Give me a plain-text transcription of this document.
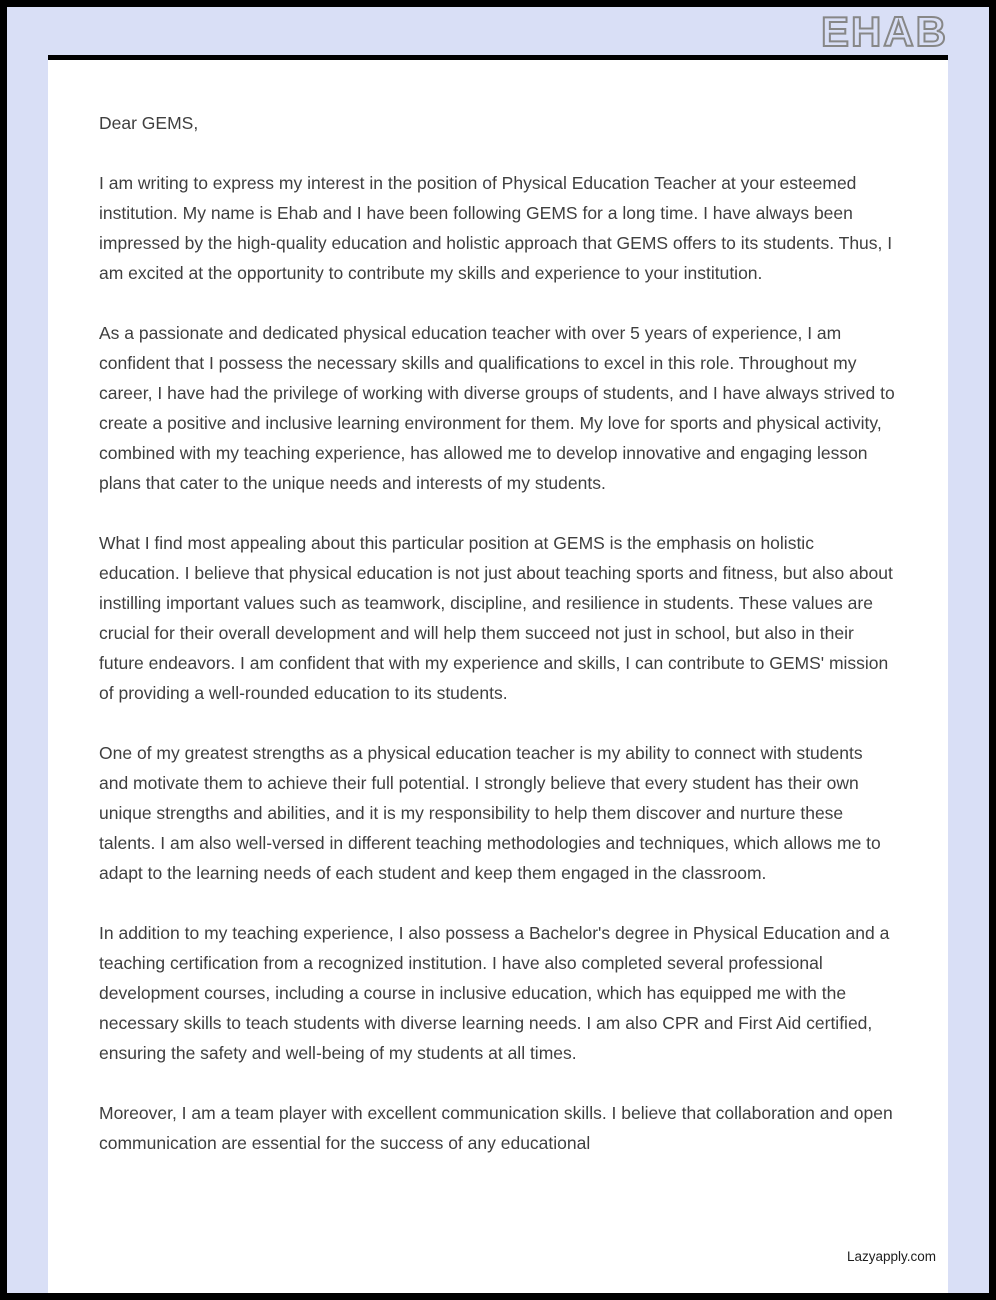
EHAB

Dear GEMS,

I am writing to express my interest in the position of Physical Education Teacher at your esteemed institution. My name is Ehab and I have been following GEMS for a long time. I have always been impressed by the high-quality education and holistic approach that GEMS offers to its students. Thus, I am excited at the opportunity to contribute my skills and experience to your institution.

As a passionate and dedicated physical education teacher with over 5 years of experience, I am confident that I possess the necessary skills and qualifications to excel in this role. Throughout my career, I have had the privilege of working with diverse groups of students, and I have always strived to create a positive and inclusive learning environment for them. My love for sports and physical activity, combined with my teaching experience, has allowed me to develop innovative and engaging lesson plans that cater to the unique needs and interests of my students.

What I find most appealing about this particular position at GEMS is the emphasis on holistic education. I believe that physical education is not just about teaching sports and fitness, but also about instilling important values such as teamwork, discipline, and resilience in students. These values are crucial for their overall development and will help them succeed not just in school, but also in their future endeavors. I am confident that with my experience and skills, I can contribute to GEMS' mission of providing a well-rounded education to its students.

One of my greatest strengths as a physical education teacher is my ability to connect with students and motivate them to achieve their full potential. I strongly believe that every student has their own unique strengths and abilities, and it is my responsibility to help them discover and nurture these talents. I am also well-versed in different teaching methodologies and techniques, which allows me to adapt to the learning needs of each student and keep them engaged in the classroom.

In addition to my teaching experience, I also possess a Bachelor's degree in Physical Education and a teaching certification from a recognized institution. I have also completed several professional development courses, including a course in inclusive education, which has equipped me with the necessary skills to teach students with diverse learning needs. I am also CPR and First Aid certified, ensuring the safety and well-being of my students at all times.

Moreover, I am a team player with excellent communication skills. I believe that collaboration and open communication are essential for the success of any educational

Lazyapply.com
